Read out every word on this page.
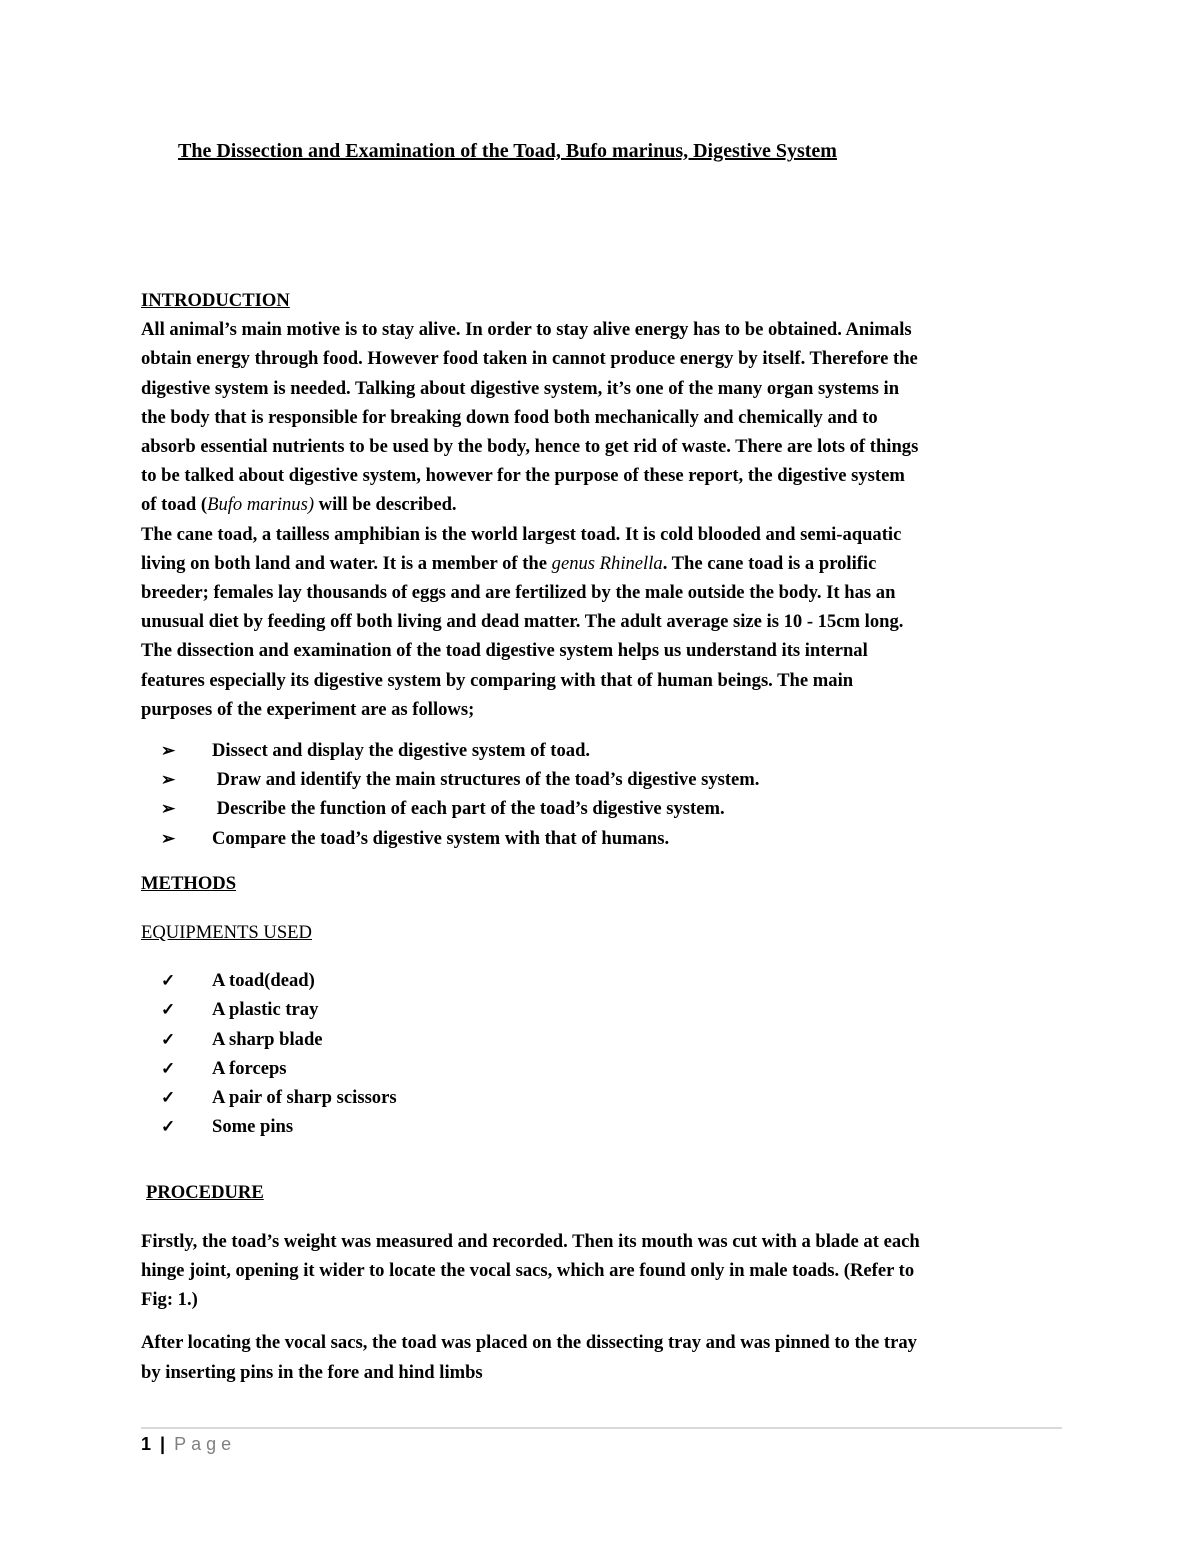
The Dissection and Examination of the Toad, Bufo marinus, Digestive System
INTRODUCTION
All animal’s main motive is to stay alive. In order to stay alive energy has to be obtained. Animals
obtain energy through food. However food taken in cannot produce energy by itself. Therefore the
digestive system is needed. Talking about digestive system, it’s one of the many organ systems in
the body that is responsible for breaking down food both mechanically and chemically and to
absorb essential nutrients to be used by the body, hence to get rid of waste. There are lots of things
to be talked about digestive system, however for the purpose of these report, the digestive system
of toad (Bufo marinus) will be described.
The cane toad, a tailless amphibian is the world largest toad. It is cold blooded and semi-aquatic
living on both land and water. It is a member of the genus Rhinella. The cane toad is a prolific
breeder; females lay thousands of eggs and are fertilized by the male outside the body. It has an
unusual diet by feeding off both living and dead matter. The adult average size is 10 - 15cm long.
The dissection and examination of the toad digestive system helps us understand its internal
features especially its digestive system by comparing with that of human beings. The main
purposes of the experiment are as follows;
➢ Dissect and display the digestive system of toad.
➢ Draw and identify the main structures of the toad’s digestive system.
➢ Describe the function of each part of the toad’s digestive system.
➢ Compare the toad’s digestive system with that of humans.
METHODS
EQUIPMENTS USED
✓ A toad(dead)
✓ A plastic tray
✓ A sharp blade
✓ A forceps
✓ A pair of sharp scissors
✓ Some pins
PROCEDURE
Firstly, the toad’s weight was measured and recorded. Then its mouth was cut with a blade at each
hinge joint, opening it wider to locate the vocal sacs, which are found only in male toads. (Refer to
Fig: 1.)
After locating the vocal sacs, the toad was placed on the dissecting tray and was pinned to the tray
by inserting pins in the fore and hind limbs
1 | Page
